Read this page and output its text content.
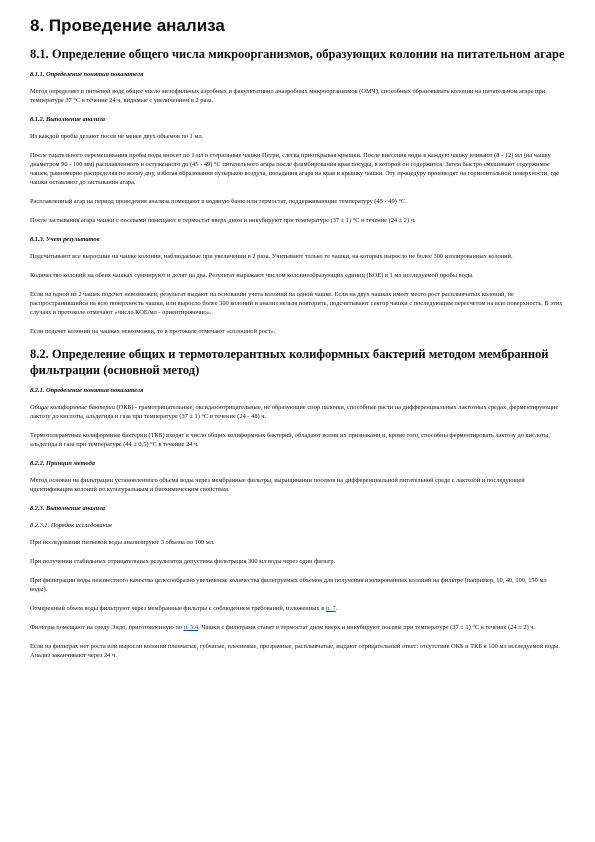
8. Проведение анализа
8.1. Определение общего числа микроорганизмов, образующих колонии на питательном агаре
8.1.1. Определение понятия показателя

Метод определяет в питьевой воде общее число мезофильных аэробных и факультативно анаэробных микроорганизмов (ОМЧ), способных образовывать колонии на питательном агаре при температуре 37 °С в течение 24 ч, видимые с увеличением в 2 раза.

8.1.2. Выполнение анализа

Из каждой пробы делают посев не менее двух объемов по 1 мл.

После тщательного перемешивания пробы воды вносят по 1 мл в стерильные чашки Петри, слегка приоткрывая крышки. После внесения воды в каждую чашку вливают (8 - 12) мл (на чашку диаметром 90 - 100 мм) расплавленного и остуженного до (45 - 49) °С питательного агара после фламбирования края посуды, в которой он содержится. Затем быстро смешивают содержимое чашек, равномерно распределяя по всему дну, избегая образования пузырьков воздуха, попадания агара на края и крышку чашки. Эту процедуру производят на горизонтальной поверхности, где чашки оставляют до застывания агара.

Расплавленный агар на период проведения анализа помещают в водяную баню или термостат, поддерживающие температуру (45 - 49) °С.

После застывания агара чашки с посевами помещают в термостат вверх дном и инкубируют при температуре (37 ± 1) °С в течение (24 ± 2) ч.

8.1.3. Учет результатов

Подсчитывают все выросшие на чашке колонии, наблюдаемые при увеличении в 2 раза. Учитывают только те чашки, на которых выросло не более 300 изолированных колоний.

Количество колоний на обеих чашках суммируют и делят на два. Результат выражают числом колониеобразующих единиц (КОЕ) в 1 мл исследуемой пробы воды.

Если на одной из 2 чашек подсчет невозможен, результат выдают на основании учета колоний на одной чашке. Если на двух чашках имеет место рост расплывчатых колоний, не распространившийся на всю поверхность чашки, или выросло более 300 колоний и анализ нельзя повторить, подсчитывают сектор чашки с последующим пересчетом на всю поверхность. В этих случаях в протоколе отмечают «число КОЕ/мл - ориентировочно».

Если подсчет колоний на чашках невозможен, то в протоколе отмечают «сплошной рост».

8.2. Определение общих и термотолерантных колиформных бактерий методом мембранной фильтрации (основной метод)
8.2.1. Определение понятия показателя

Общие колиформные бактерии (ОКБ) - грамотрицательные, оксидазоотрицательные, не образующие спор палочки, способные расти на дифференциальных лактозных средах, ферментирующие лактозу до кислоты, альдегида и газа при температуре (37 ± 1) °С в течение (24 - 48) ч.

Термотолерантные колиформные бактерии (ТКБ) входят в число общих колиформных бактерий, обладают всеми их признаками и, кроме того, способны ферментировать лактозу до кислоты, альдегида и газа при температуре (44 ± 0,5) °С в течение 24 ч.

8.2.2. Принцип метода

Метод основан на фильтрации установленного объема воды через мембранные фильтры, выращивании посевов на дифференциальной питательной среде с лактозой и последующей идентификации колоний по культуральным и биохимическим свойствам.

8.2.3. Выполнение анализа
8.2.3.1. Порядок исследования

При исследовании питьевой воды анализируют 3 объема по 100 мл.

При получении стабильных отрицательных результатов допустима фильтрация 300 мл воды через один фильтр.

При фильтрации воды неизвестного качества целесообразно увеличение количества фильтруемых объемов для получения изолированных колоний на фильтре (например, 10, 40, 100, 150 мл воды).

Отмеренный объем воды фильтруют через мембранные фильтры с соблюдением требований, изложенных в п. 7.

Фильтры помещают на среду Эндо, приготовленную по п. 5.4. Чашки с фильтрами ставят в термостат дном вверх и инкубируют посевы при температуре (37 ± 1) °С в течение (24 ± 2) ч.

Если на фильтрах нет роста или выросли колонии пленчатые, губчатые, плесневые, прозрачные, расплывчатые, выдают отрицательный ответ: отсутствие ОКБ и ТКБ в 100 мл исследуемой воды. Анализ заканчивают через 24 ч.
